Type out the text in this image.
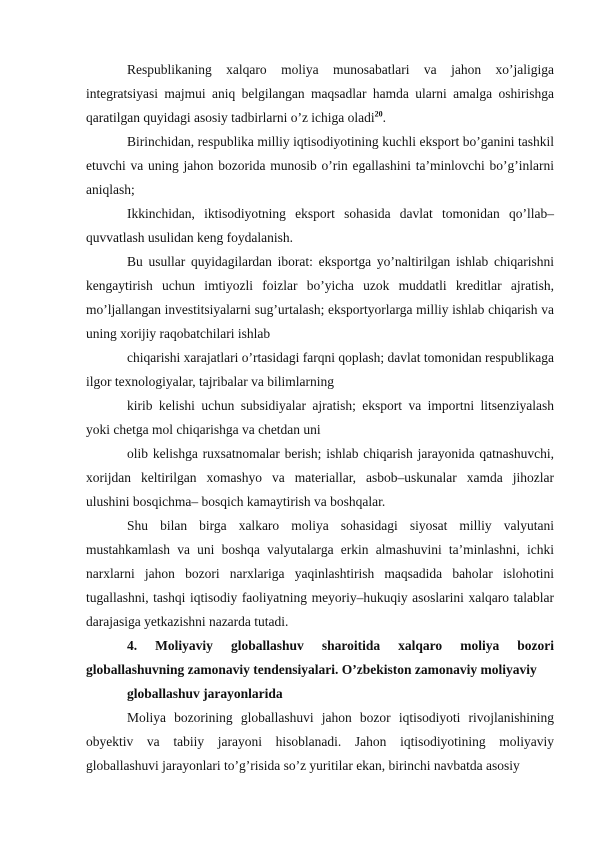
Respublikaning xalqaro moliya munosabatlari va jahon xo’jaligiga integratsiyasi majmui aniq belgilangan maqsadlar hamda ularni amalga oshirishga qaratilgan quyidagi asosiy tadbirlarni o’z ichiga oladi$^{20}$.

Birinchidan, respublika milliy iqtisodiyotining kuchli eksport bo’ganini tashkil etuvchi va uning jahon bozorida munosib o’rin egallashini ta’minlovchi bo’g’inlarni aniqlash;

Ikkinchidan, iktisodiyotning eksport sohasida davlat tomonidan qo’llab–quvvatlash usulidan keng foydalanish.

Bu usullar quyidagilardan iborat: eksportga yo’naltirilgan ishlab chiqarishni kengaytirish uchun imtiyozli foizlar bo’yicha uzok muddatli kreditlar ajratish, mo’ljallangan investitsiyalarni sug’urtalash; eksportyorlarga milliy ishlab chiqarish va uning xorijiy raqobatchilari ishlab

chiqarishi xarajatlari o’rtasidagi farqni qoplash; davlat tomonidan respublikaga ilgor texnologiyalar, tajribalar va bilimlarning

kirib kelishi uchun subsidiyalar ajratish; eksport va importni litsenziyalash yoki chetga mol chiqarishga va chetdan uni

olib kelishga ruxsatnomalar berish; ishlab chiqarish jarayonida qatnashuvchi, xorijdan keltirilgan xomashyo va materiallar, asbob–uskunalar xamda jihozlar ulushini bosqichma– bosqich kamaytirish va boshqalar.

Shu bilan birga xalkaro moliya sohasidagi siyosat milliy valyutani mustahkamlash va uni boshqa valyutalarga erkin almashuvini ta’minlashni, ichki narxlarni jahon bozori narxlariga yaqinlashtirish maqsadida baholar islohotini tugallashni, tashqi iqtisodiy faoliyatning meyoriy–hukuqiy asoslarini xalqaro talablar darajasiga yetkazishni nazarda tutadi.

4. Moliyaviy globallashuv sharoitida xalqaro moliya bozori globallashuvning zamonaviy tendensiyalari. O’zbekiston zamonaviy moliyaviy

globallashuv jarayonlarida

Moliya bozorining globallashuvi jahon bozor iqtisodiyoti rivojlanishining obyektiv va tabiiy jarayoni hisoblanadi. Jahon iqtisodiyotining moliyaviy globallashuvi jarayonlari to’g’risida so’z yuritilar ekan, birinchi navbatda asosiy
